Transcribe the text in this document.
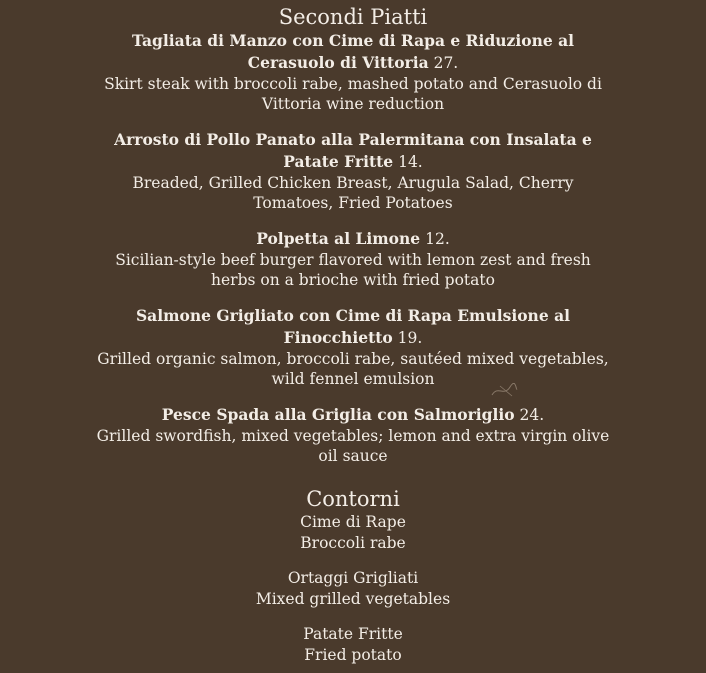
Secondi Piatti
Tagliata di Manzo con Cime di Rapa e Riduzione al Cerasuolo di Vittoria 27.
Skirt steak with broccoli rabe, mashed potato and Cerasuolo di Vittoria wine reduction
Arrosto di Pollo Panato alla Palermitana con Insalata e Patate Fritte 14.
Breaded, Grilled Chicken Breast, Arugula Salad, Cherry Tomatoes, Fried Potatoes
Polpetta al Limone 12.
Sicilian-style beef burger flavored with lemon zest and fresh herbs on a brioche with fried potato
Salmone Grigliato con Cime di Rapa Emulsione al Finocchietto 19.
Grilled organic salmon, broccoli rabe, sautéed mixed vegetables, wild fennel emulsion
Pesce Spada alla Griglia con Salmoriglio 24.
Grilled swordfish, mixed vegetables; lemon and extra virgin olive oil sauce
Contorni
Cime di Rape
Broccoli rabe
Ortaggi Grigliati
Mixed grilled vegetables
Patate Fritte
Fried potato
